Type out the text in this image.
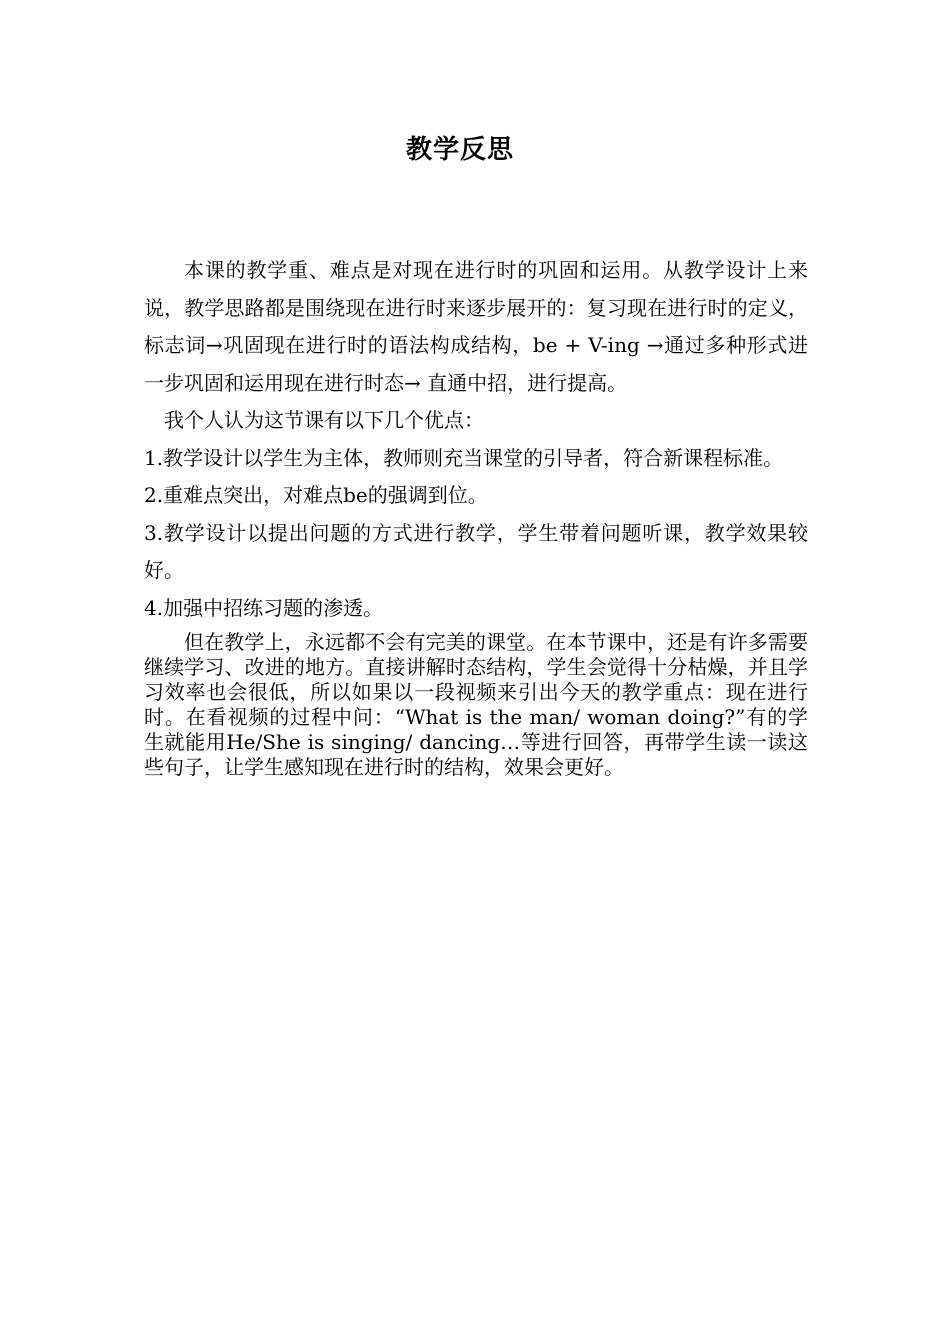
教学反思

本课的教学重、难点是对现在进行时的巩固和运用。从教学设计上来说，教学思路都是围绕现在进行时来逐步展开的：复习现在进行时的定义，标志词→巩固现在进行时的语法构成结构，be + V-ing →通过多种形式进一步巩固和运用现在进行时态→ 直通中招，进行提高。

我个人认为这节课有以下几个优点：

1.教学设计以学生为主体，教师则充当课堂的引导者，符合新课程标准。

2.重难点突出，对难点be的强调到位。

3.教学设计以提出问题的方式进行教学，学生带着问题听课，教学效果较好。

4.加强中招练习题的渗透。

但在教学上，永远都不会有完美的课堂。在本节课中，还是有许多需要继续学习、改进的地方。直接讲解时态结构，学生会觉得十分枯燥，并且学习效率也会很低，所以如果以一段视频来引出今天的教学重点：现在进行时。在看视频的过程中问：“What is the man/ woman doing?”有的学生就能用He/She is singing/ dancing…等进行回答，再带学生读一读这些句子，让学生感知现在进行时的结构，效果会更好。
